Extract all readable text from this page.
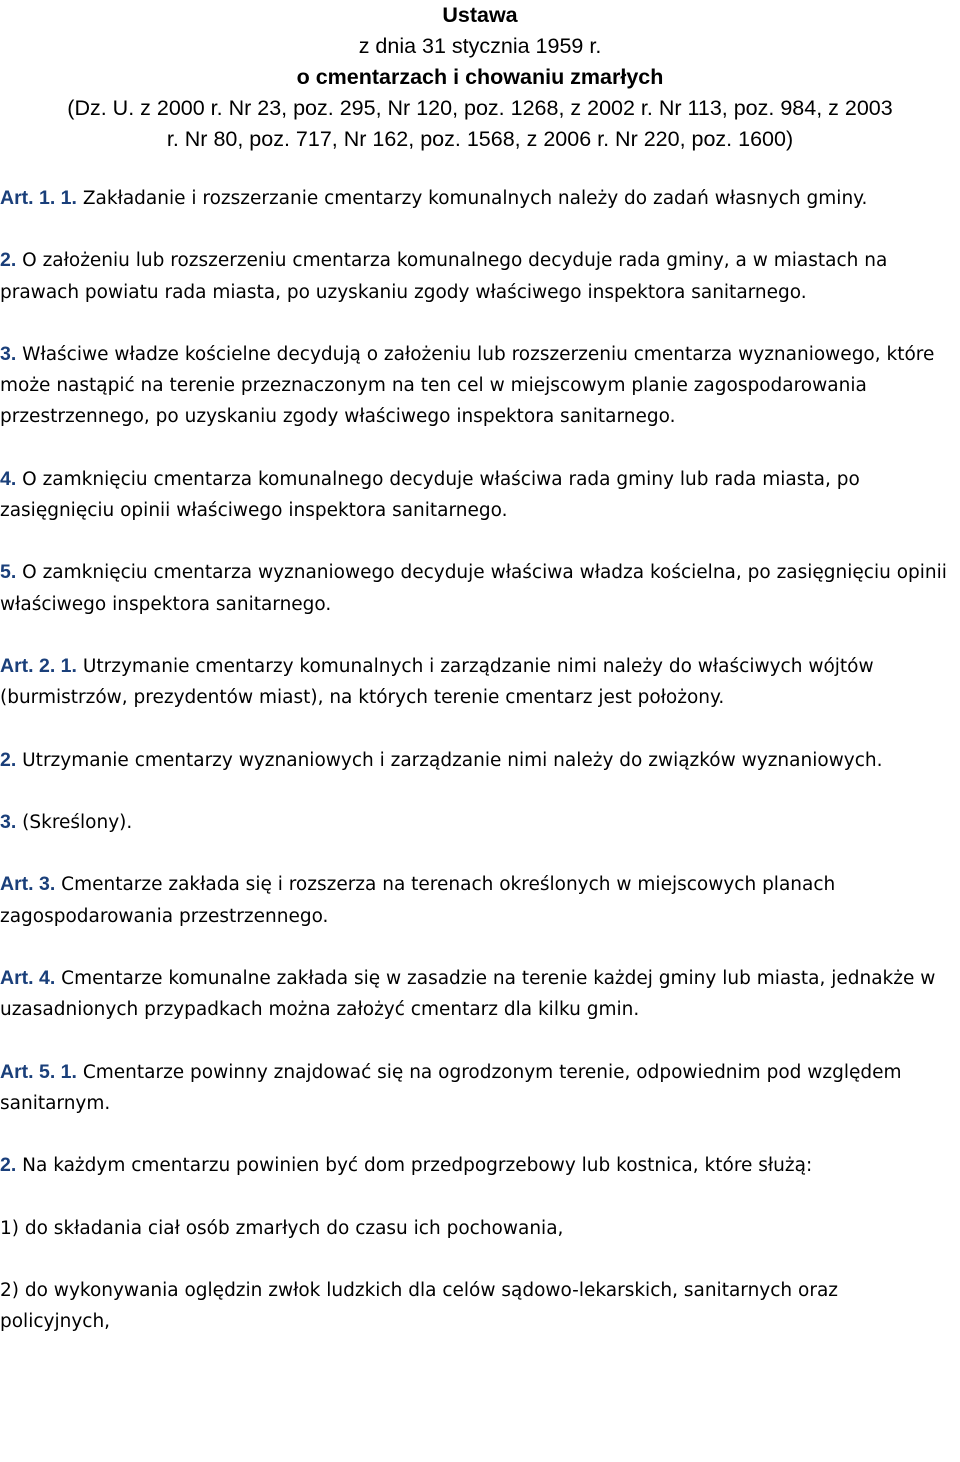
Ustawa
z dnia 31 stycznia 1959 r.
o cmentarzach i chowaniu zmarłych
(Dz. U. z 2000 r. Nr 23, poz. 295, Nr 120, poz. 1268, z 2002 r. Nr 113, poz. 984, z 2003
r. Nr 80, poz. 717, Nr 162, poz. 1568, z 2006 r. Nr 220, poz. 1600)

Art. 1. 1. Zakładanie i rozszerzanie cmentarzy komunalnych należy do zadań własnych gminy.

2. O założeniu lub rozszerzeniu cmentarza komunalnego decyduje rada gminy, a w miastach na prawach powiatu rada miasta, po uzyskaniu zgody właściwego inspektora sanitarnego.

3. Właściwe władze kościelne decydują o założeniu lub rozszerzeniu cmentarza wyznaniowego, które może nastąpić na terenie przeznaczonym na ten cel w miejscowym planie zagospodarowania przestrzennego, po uzyskaniu zgody właściwego inspektora sanitarnego.

4. O zamknięciu cmentarza komunalnego decyduje właściwa rada gminy lub rada miasta, po zasięgnięciu opinii właściwego inspektora sanitarnego.

5. O zamknięciu cmentarza wyznaniowego decyduje właściwa władza kościelna, po zasięgnięciu opinii właściwego inspektora sanitarnego.

Art. 2. 1. Utrzymanie cmentarzy komunalnych i zarządzanie nimi należy do właściwych wójtów (burmistrzów, prezydentów miast), na których terenie cmentarz jest położony.

2. Utrzymanie cmentarzy wyznaniowych i zarządzanie nimi należy do związków wyznaniowych.

3. (Skreślony).

Art. 3. Cmentarze zakłada się i rozszerza na terenach określonych w miejscowych planach zagospodarowania przestrzennego.

Art. 4. Cmentarze komunalne zakłada się w zasadzie na terenie każdej gminy lub miasta, jednakże w uzasadnionych przypadkach można założyć cmentarz dla kilku gmin.

Art. 5. 1. Cmentarze powinny znajdować się na ogrodzonym terenie, odpowiednim pod względem sanitarnym.

2. Na każdym cmentarzu powinien być dom przedpogrzebowy lub kostnica, które służą:

1) do składania ciał osób zmarłych do czasu ich pochowania,

2) do wykonywania oględzin zwłok ludzkich dla celów sądowo-lekarskich, sanitarnych oraz policyjnych,
